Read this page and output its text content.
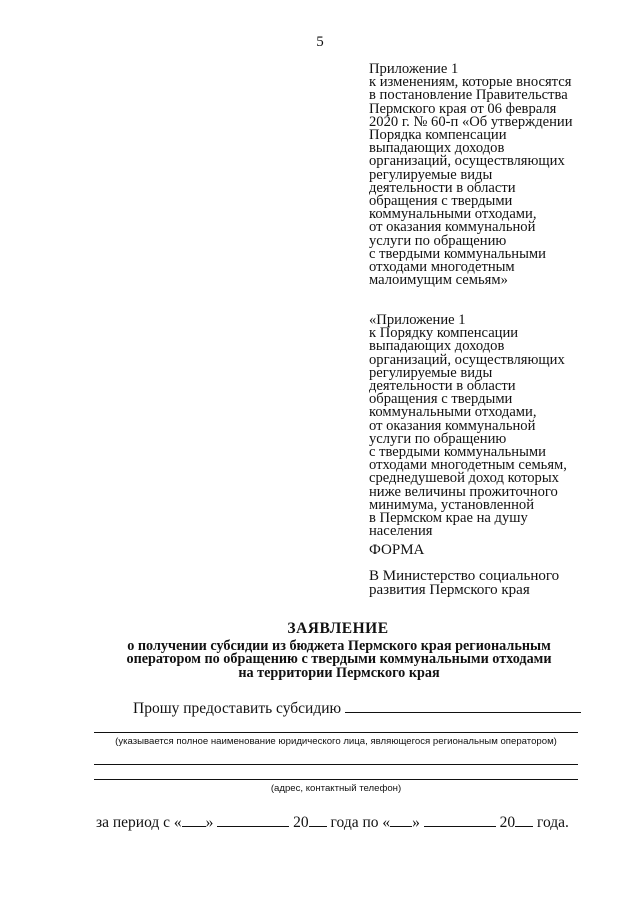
5
Приложение 1
к изменениям, которые вносятся
в постановление Правительства
Пермского края от 06 февраля
2020 г. № 60-п «Об утверждении
Порядка компенсации
выпадающих доходов
организаций, осуществляющих
регулируемые виды
деятельности в области
обращения с твердыми
коммунальными отходами,
от оказания коммунальной
услуги по обращению
с твердыми коммунальными
отходами многодетным
малоимущим семьям»
«Приложение 1
к Порядку компенсации
выпадающих доходов
организаций, осуществляющих
регулируемые виды
деятельности в области
обращения с твердыми
коммунальными отходами,
от оказания коммунальной
услуги по обращению
с твердыми коммунальными
отходами многодетным семьям,
среднедушевой доход которых
ниже величины прожиточного
минимума, установленной
в Пермском крае на душу
населения
ФОРМА
В Министерство социального
развития Пермского края
ЗАЯВЛЕНИЕ
о получении субсидии из бюджета Пермского края региональным
оператором по обращению с твердыми коммунальными отходами
на территории Пермского края
Прошу предоставить субсидию
(указывается полное наименование юридического лица, являющегося региональным оператором)
(адрес, контактный телефон)
за период с « »	20 года по « »	20 года.
